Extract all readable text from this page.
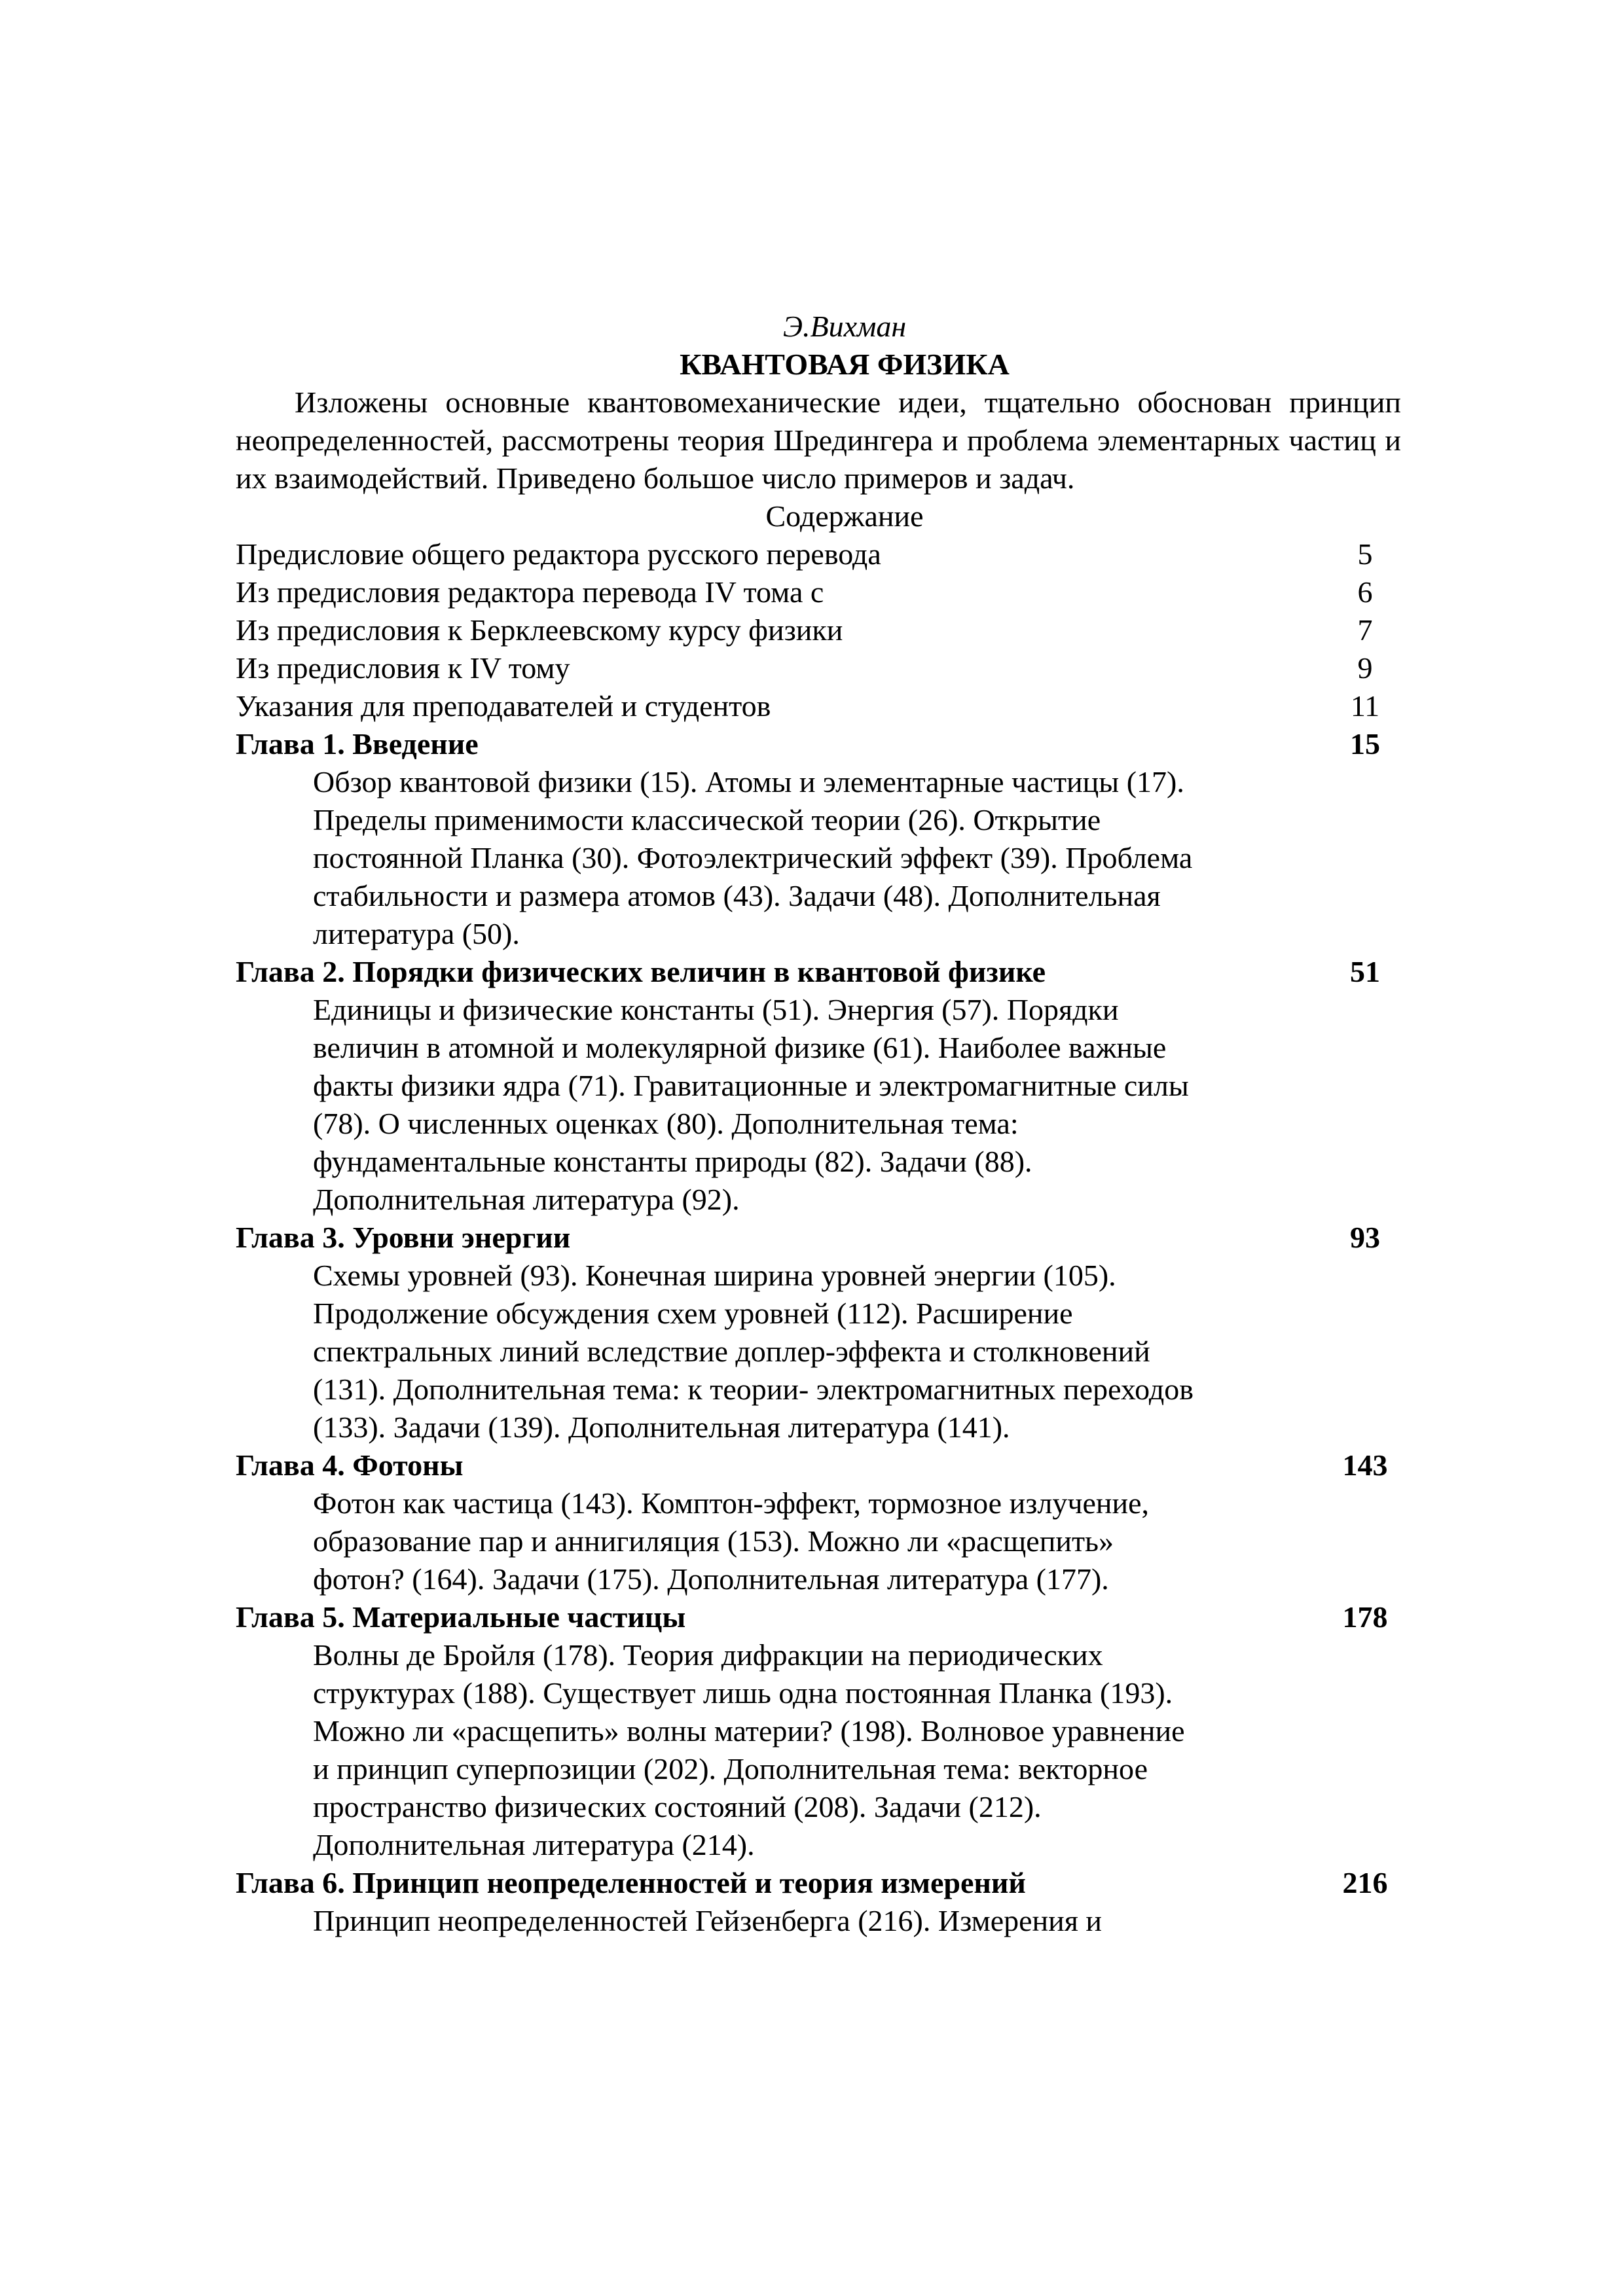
Э.Вихман
КВАНТОВАЯ ФИЗИКА
Изложены основные квантовомеханические идеи, тщательно обоснован принцип неопределенностей, рассмотрены теория Шредингера и проблема элементарных частиц и их взаимодействий. Приведено большое число примеров и задач.
Содержание
Предисловие общего редактора русского перевода	5
Из предисловия редактора перевода IV тома с	6
Из предисловия к Берклеевскому курсу физики	7
Из предисловия к IV тому	9
Указания для преподавателей и студентов	11
Глава 1. Введение	15
Обзор квантовой физики (15). Атомы и элементарные частицы (17).
Пределы применимости классической теории (26). Открытие
постоянной Планка (30). Фотоэлектрический эффект (39). Проблема
стабильности и размера атомов (43). Задачи (48). Дополнительная
литература (50).
Глава 2. Порядки физических величин в квантовой физике	51
Единицы и физические константы (51). Энергия (57). Порядки
величин в атомной и молекулярной физике (61). Наиболее важные
факты физики ядра (71). Гравитационные и электромагнитные силы
(78). О численных оценках (80). Дополнительная тема:
фундаментальные константы природы (82). Задачи (88).
Дополнительная литература (92).
Глава 3. Уровни энергии	93
Схемы уровней (93). Конечная ширина уровней энергии (105).
Продолжение обсуждения схем уровней (112). Расширение
спектральных линий вследствие доплер-эффекта и столкновений
(131). Дополнительная тема: к теории- электромагнитных переходов
(133). Задачи (139). Дополнительная литература (141).
Глава 4. Фотоны	143
Фотон как частица (143). Комптон-эффект, тормозное излучение,
образование пар и аннигиляция (153). Можно ли «расщепить»
фотон? (164). Задачи (175). Дополнительная литература (177).
Глава 5. Материальные частицы	178
Волны де Бройля (178). Теория дифракции на периодических
структурах (188). Существует лишь одна постоянная Планка (193).
Можно ли «расщепить» волны материи? (198). Волновое уравнение
и принцип суперпозиции (202). Дополнительная тема: векторное
пространство физических состояний (208). Задачи (212).
Дополнительная литература (214).
Глава 6. Принцип неопределенностей и теория измерений	216
Принцип неопределенностей Гейзенберга (216). Измерения и
